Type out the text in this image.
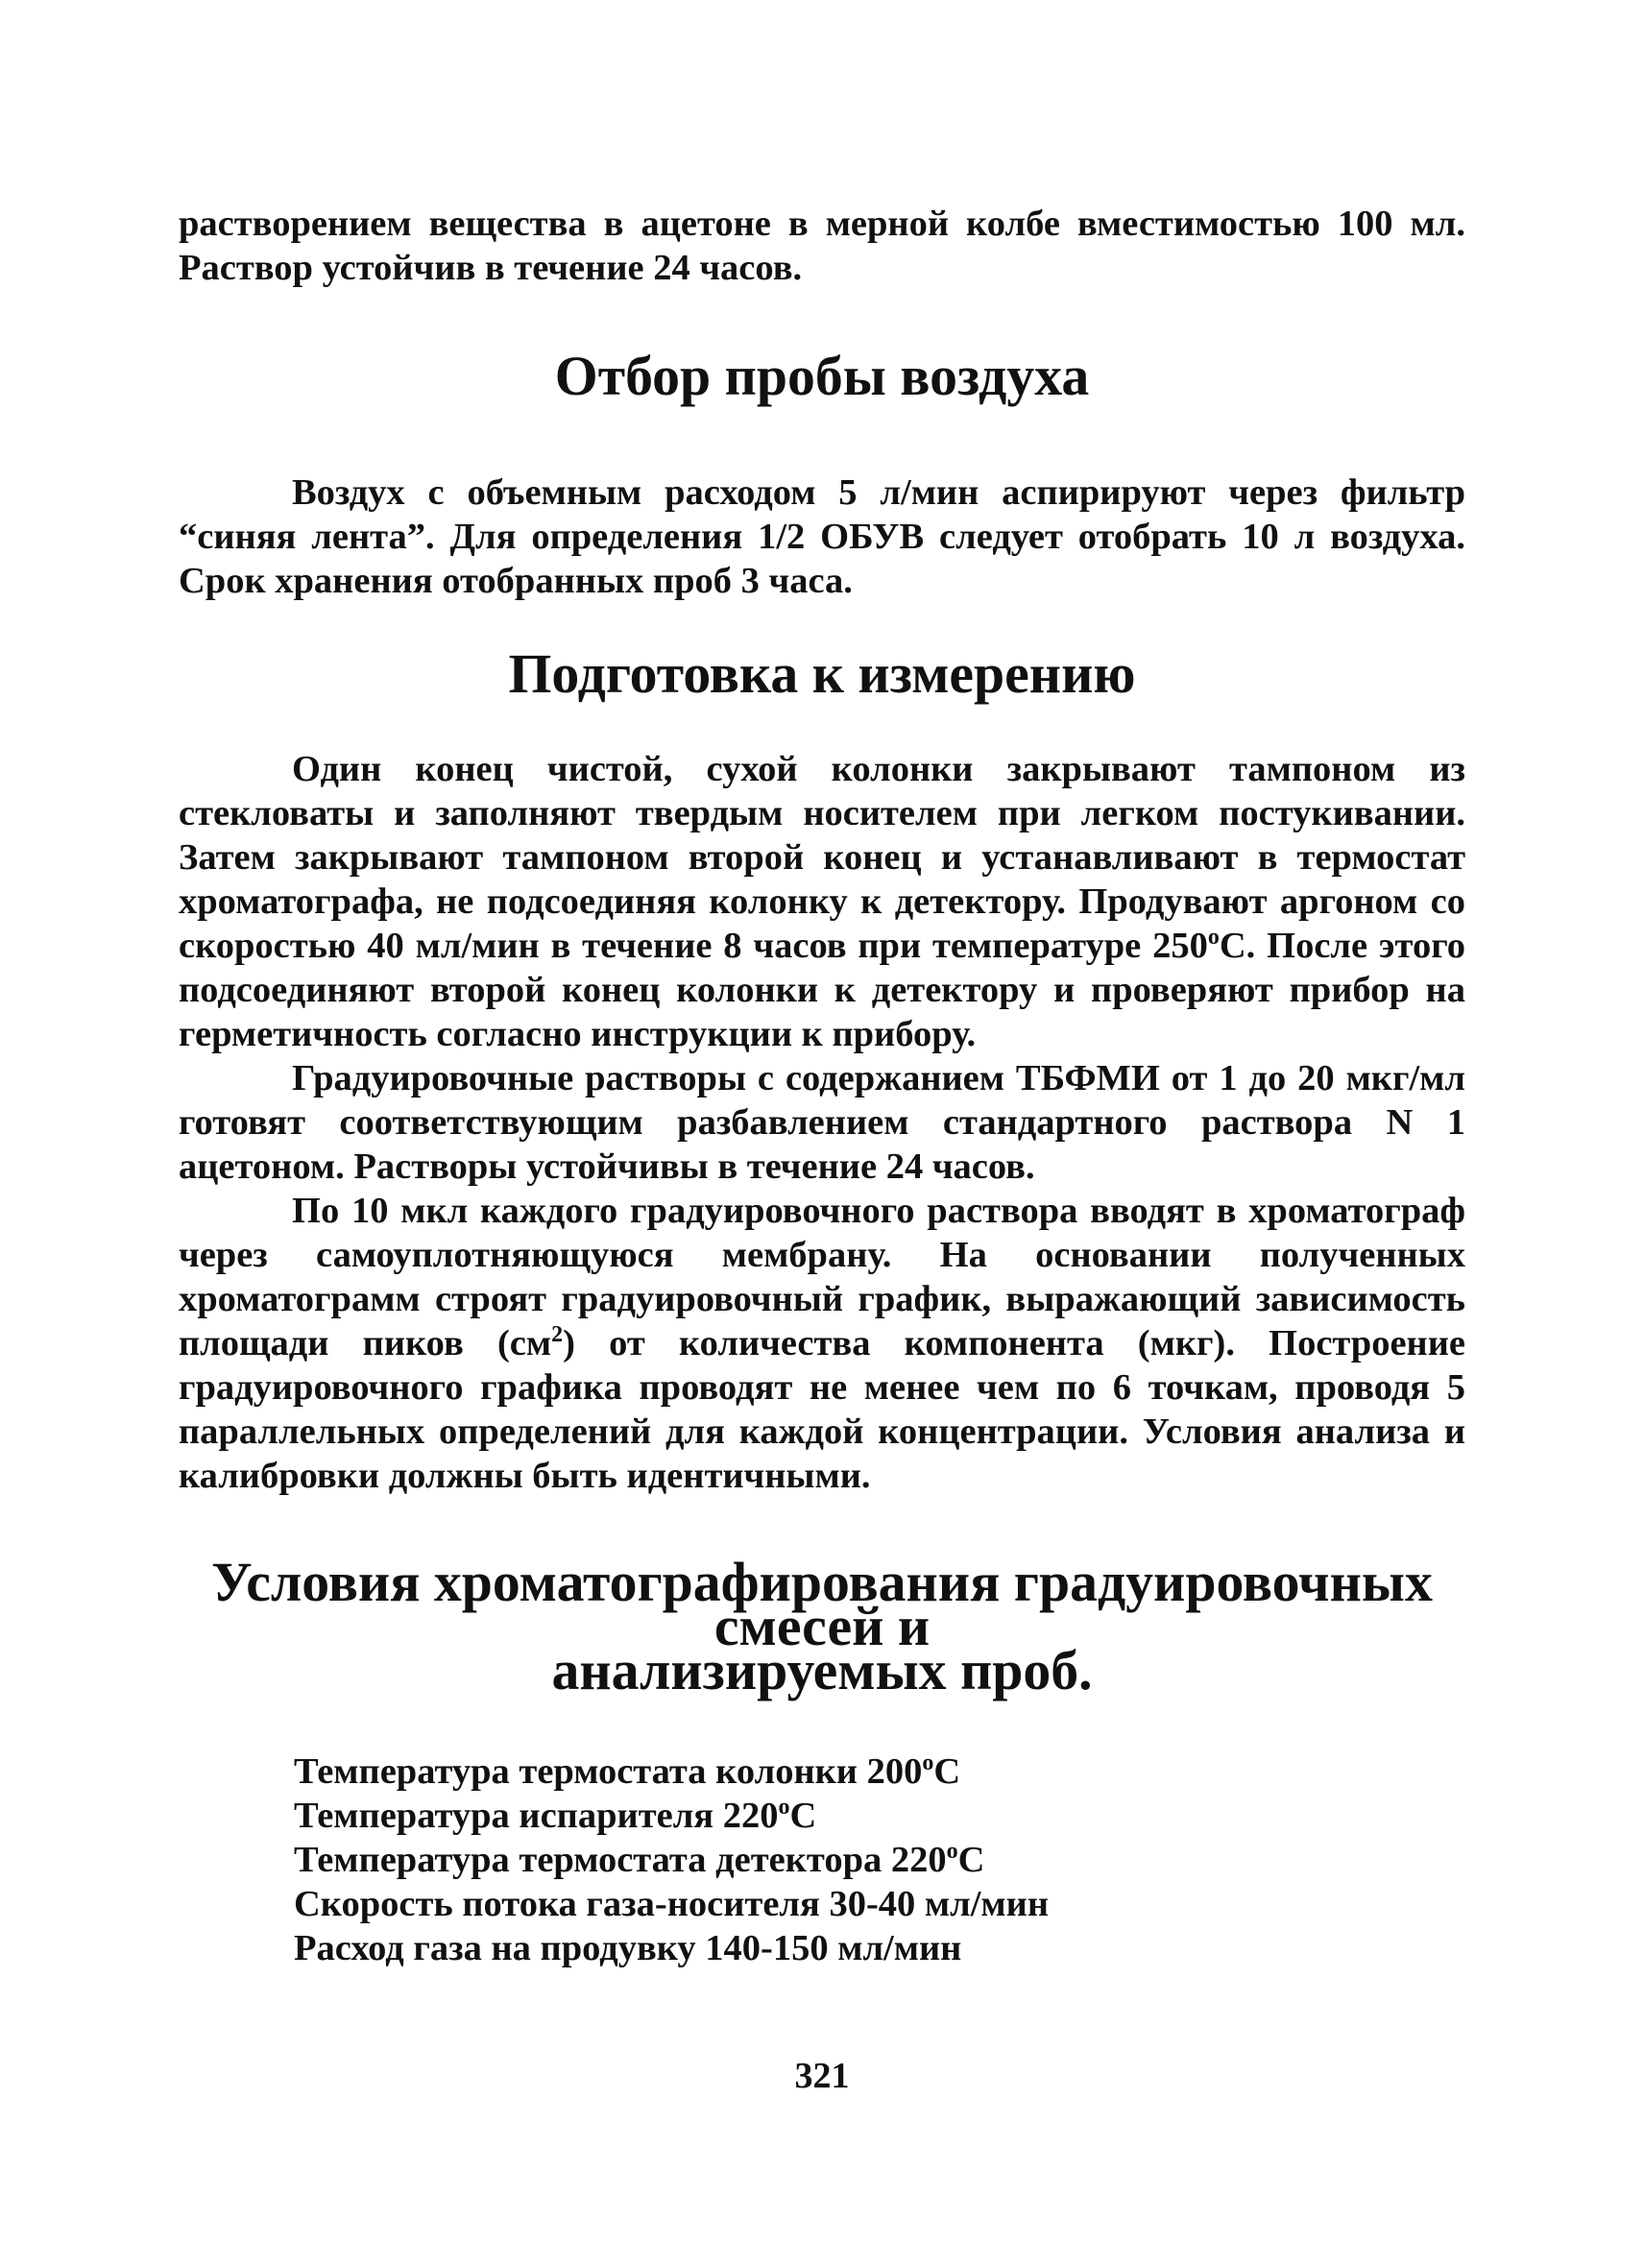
растворением вещества в ацетоне в мерной колбе вместимостью 100 мл. Раствор устойчив в течение 24 часов.

Отбор пробы воздуха

Воздух с объемным расходом 5 л/мин аспирируют через фильтр “синяя лента”. Для определения 1/2 ОБУВ следует отобрать 10 л воздуха. Срок хранения отобранных проб 3 часа.

Подготовка к измерению

Один конец чистой, сухой колонки закрывают тампоном из стекловаты и заполняют твердым носителем при легком постукивании. Затем закрывают тампоном второй конец и устанавливают в термостат хроматографа, не подсоединяя колонку к детектору. Продувают аргоном со скоростью 40 мл/мин в течение 8 часов при температуре 250$^o$С. После этого подсоединяют второй конец колонки к детектору и проверяют прибор на герметичность согласно инструкции к прибору.

Градуировочные растворы с содержанием ТБФМИ от 1 до 20 мкг/мл готовят соответствующим разбавлением стандартного раствора N 1 ацетоном. Растворы устойчивы в течение 24 часов.

По 10 мкл каждого градуировочного раствора вводят в хроматограф через самоуплотняющуюся мембрану. На основании полученных хроматограмм строят градуировочный график, выражающий зависимость площади пиков $(см^2)$ от количества компонента (мкг). Построение градуировочного графика проводят не менее чем по 6 точкам, проводя 5 параллельных определений для каждой концентрации. Условия анализа и калибровки должны быть идентичными.

Условия хроматографирования градуировочных смесей и
анализируемых проб.
Температура термостата колонки 200$^o$С
Температура испарителя 220$^o$С
Температура термостата детектора 220$^o$С
Скорость потока газа-носителя 30-40 мл/мин
Расход газа на продувку 140-150 мл/мин
321
